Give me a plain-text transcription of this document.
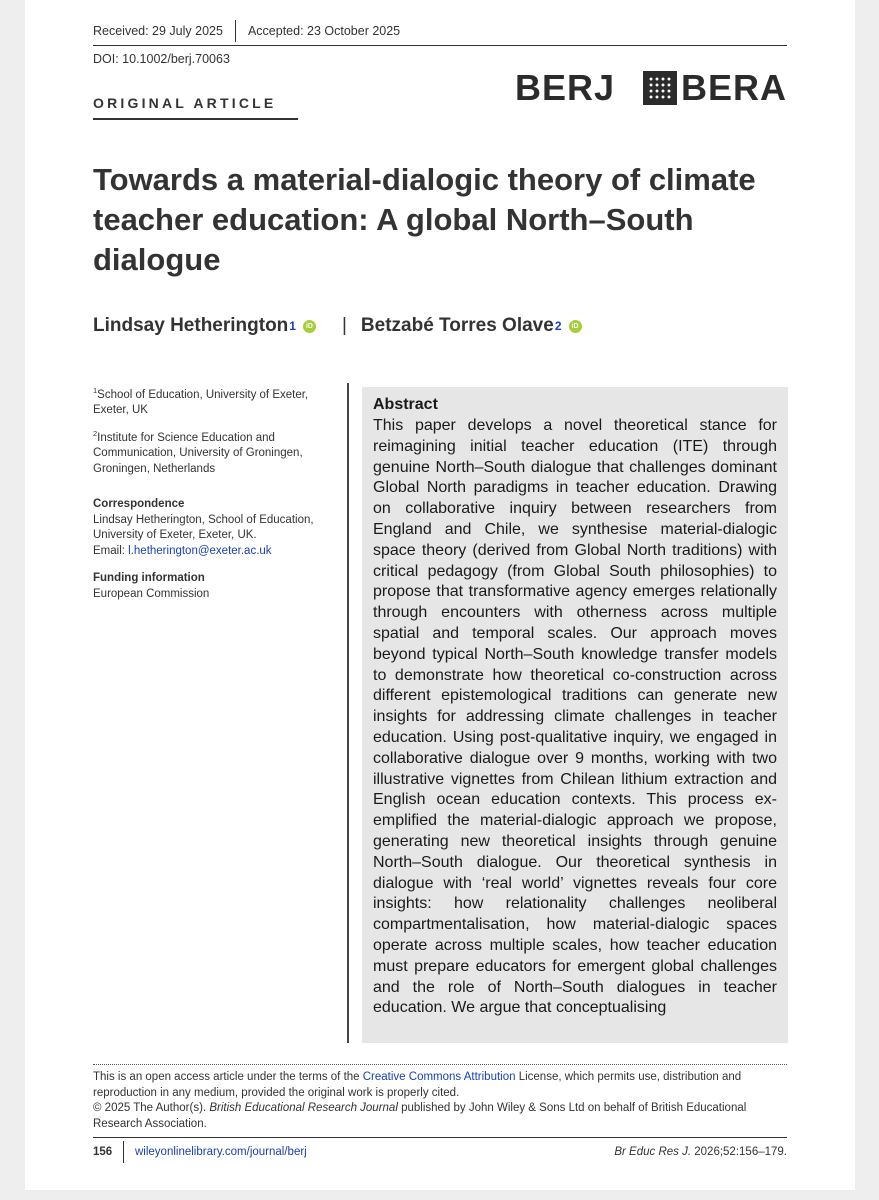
Received: 29 July 2025 Accepted: 23 October 2025
DOI: 10.1002/berj.70063
ORIGINAL ARTICLE	BERJ BERA
Towards a material-dialogic theory of climate teacher education: A global North–South dialogue
Lindsay Hetherington 1	iD | Betzabé Torres Olave 2	iD
$^1$School of Education, University of Exeter, Exeter, UK
$^2$Institute for Science Education and Communication, University of Groningen, Groningen, Netherlands
Correspondence
Lindsay Hetherington, School of Education, University of Exeter, Exeter, UK.
Email: l.hetherington@exeter.ac.uk
Funding information
European Commission
Abstract
This paper develops a novel theoretical stance for reimagining initial teacher education (ITE) through genuine North–South dialogue that challenges dominant Global North paradigms in teacher education. Drawing on collaborative inquiry between researchers from England and Chile, we synthesise material-dialogic space theory (derived from Global North traditions) with critical pedagogy (from Global South philosophies) to propose that transformative agency emerges relationally through encounters with otherness across multiple spatial and temporal scales. Our approach moves beyond typical North–South knowledge transfer models to demonstrate how theoretical co-construction across different epistemological traditions can generate new insights for addressing climate challenges in teacher education. Using post-qualitative inquiry, we engaged in collaborative dialogue over 9 months, working with two illustrative vignettes from Chilean lithium extraction and English ocean education contexts. This process exemplified the material-dialogic approach we propose, generating new theoretical insights through genuine North–South dialogue. Our theoretical synthesis in dialogue with ‘real world’ vignettes reveals four core insights: how relationality challenges neoliberal compartmentalisation, how material-dialogic spaces operate across multiple scales, how teacher education must prepare educators for emergent global challenges and the role of North–South dialogues in teacher education. We argue that conceptualising
This is an open access article under the terms of the Creative Commons Attribution License, which permits use, distribution and reproduction in any medium, provided the original work is properly cited.
© 2025 The Author(s). British Educational Research Journal published by John Wiley & Sons Ltd on behalf of British Educational Research Association.
156 wileyonlinelibrary.com/journal/berj	Br Educ Res J. 2026;52:156–179.
